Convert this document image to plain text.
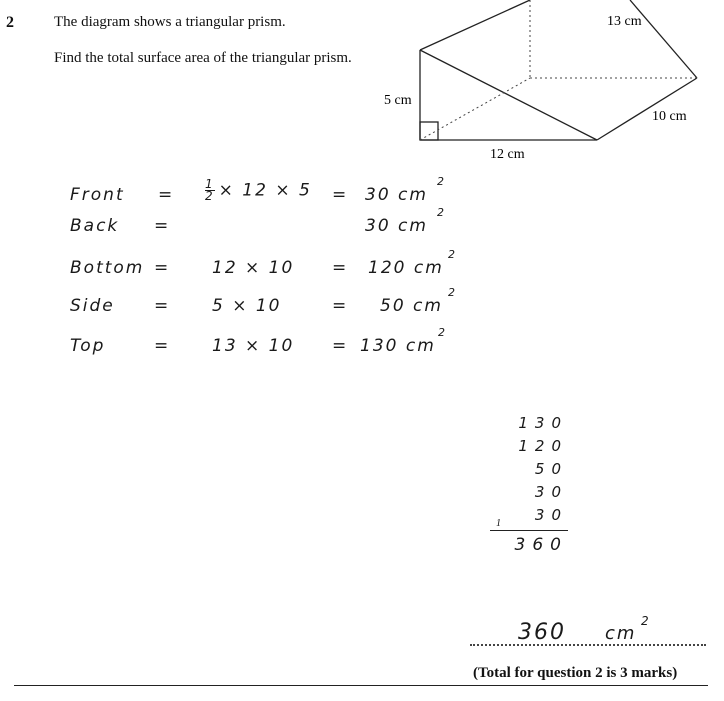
2	The diagram shows a triangular prism.
Find the total surface area of the triangular prism.
13 cm
5 cm
10 cm
12 cm
Front =	$\frac{1}{2} \times 12 \times 5 = 30$ cm
2
Back =	30 cm
2
Bottom = 12 × 10 = 120 cm
2
Side = 5 × 10	= 50 cm
2
Top	= 13 × 10 = 130 cm
2
130
120
50
30
30
1
360
360 cm
2
(Total for question 2 is 3 marks)
